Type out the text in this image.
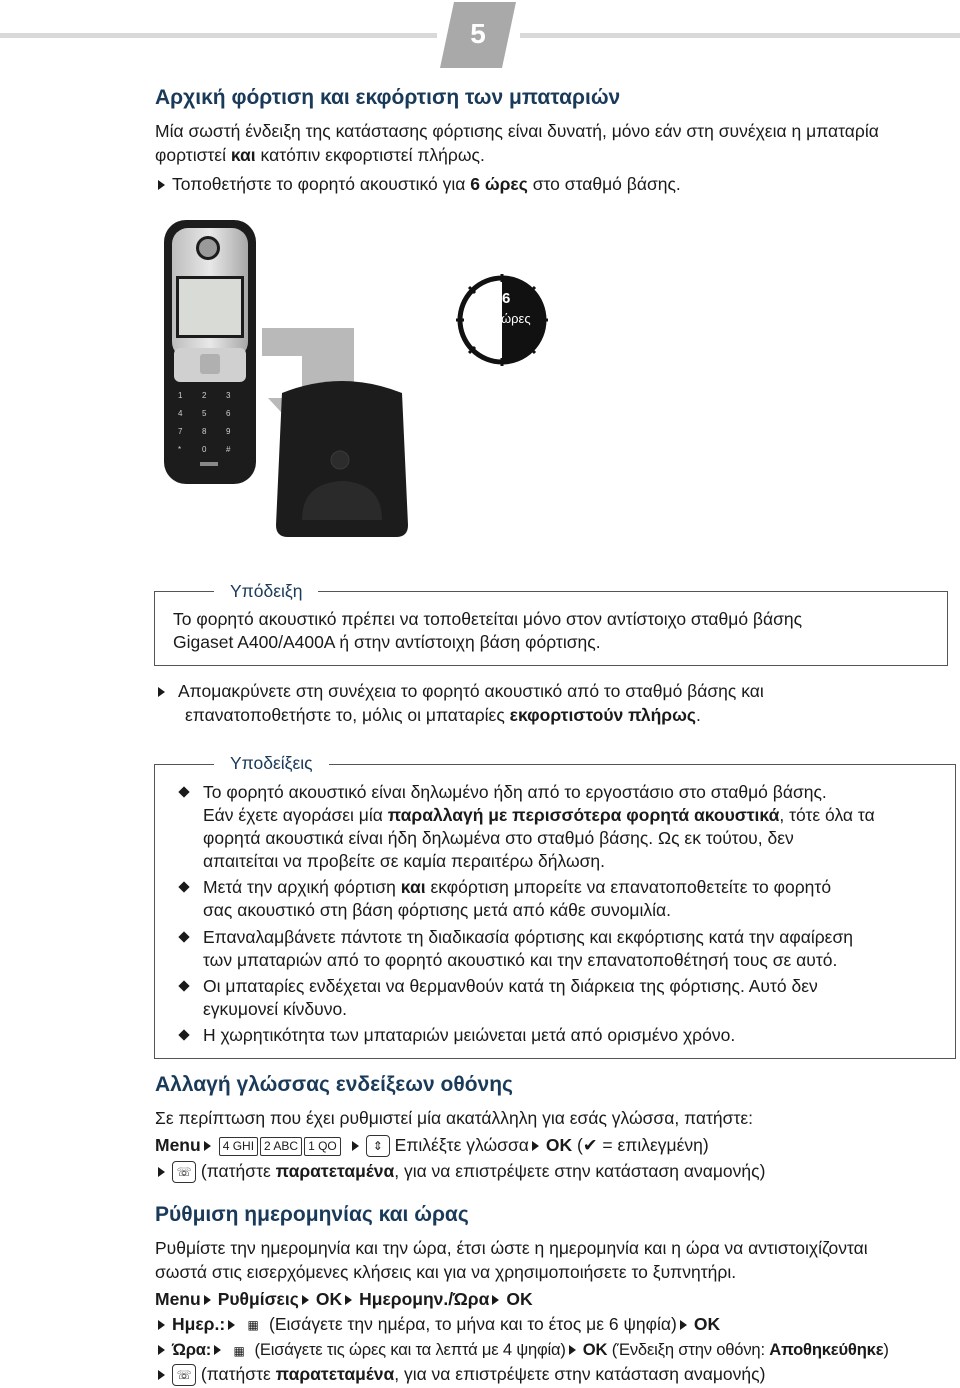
5
Αρχική φόρτιση και εκφόρτιση των μπαταριών

Μία σωστή ένδειξη της κατάστασης φόρτισης είναι δυνατή, μόνο εάν στη συνέχεια η μπαταρία

φορτιστεί και κατόπιν εκφορτιστεί πλήρως.

Τοποθετήστε το φορητό ακουστικό για 6 ώρες στο σταθμό βάσης.

1 2 3
4 5 6
7 8 9
*	0 #
6
ώρες
Υπόδειξη

Το φορητό ακουστικό πρέπει να τοποθετείται μόνο στον αντίστοιχο σταθμό βάσης

Gigaset A400/A400A ή στην αντίστοιχη βάση φόρτισης.

Απομακρύνετε στη συνέχεια το φορητό ακουστικό από το σταθμό βάσης και

επανατοποθετήστε το, μόλις οι μπαταρίες εκφορτιστούν πλήρως.

Υποδείξεις

Το φορητό ακουστικό είναι δηλωμένο ήδη από το εργοστάσιο στο σταθμό βάσης.

Εάν έχετε αγοράσει μία παραλλαγή με περισσότερα φορητά ακουστικά, τότε όλα τα

φορητά ακουστικά είναι ήδη δηλωμένα στο σταθμό βάσης. Ως εκ τούτου, δεν

απαιτείται να προβείτε σε καμία περαιτέρω δήλωση.

Μετά την αρχική φόρτιση και εκφόρτιση μπορείτε να επανατοποθετείτε το φορητό

σας ακουστικό στη βάση φόρτισης μετά από κάθε συνομιλία.

Επαναλαμβάνετε πάντοτε τη διαδικασία φόρτισης και εκφόρτισης κατά την αφαίρεση

των μπαταριών από το φορητό ακουστικό και την επανατοποθέτησή τους σε αυτό.

Οι μπαταρίες ενδέχεται να θερμανθούν κατά τη διάρκεια της φόρτισης. Αυτό δεν

εγκυμονεί κίνδυνο.

Η χωρητικότητα των μπαταριών μειώνεται μετά από ορισμένο χρόνο.

Αλλαγή γλώσσας ενδείξεων οθόνης

Σε περίπτωση που έχει ρυθμιστεί μία ακατάλληλη για εσάς γλώσσα, πατήστε:

Menu 4 GHI 2 ABC 1 QO	⇕ Επιλέξτε γλώσσα OK (✔ = επιλεγμένη)

☏ (πατήστε παρατεταμένα, για να επιστρέψετε στην κατάσταση αναμονής)

Ρύθμιση ημερομηνίας και ώρας

Ρυθμίστε την ημερομηνία και την ώρα, έτσι ώστε η ημερομηνία και η ώρα να αντιστοιχίζονται

σωστά στις εισερχόμενες κλήσεις και για να χρησιμοποιήσετε το ξυπνητήρι.

Menu Ρυθμίσεις OK Ημερομην./Ώρα OK

Ημερ.: ▦ (Εισάγετε την ημέρα, το μήνα και το έτος με 6 ψηφία) OK

Ώρα: ▦ (Εισάγετε τις ώρες και τα λεπτά με 4 ψηφία) OK (Ένδειξη στην οθόνη: Αποθηκεύθηκε)

☏ (πατήστε παρατεταμένα, για να επιστρέψετε στην κατάσταση αναμονής)
